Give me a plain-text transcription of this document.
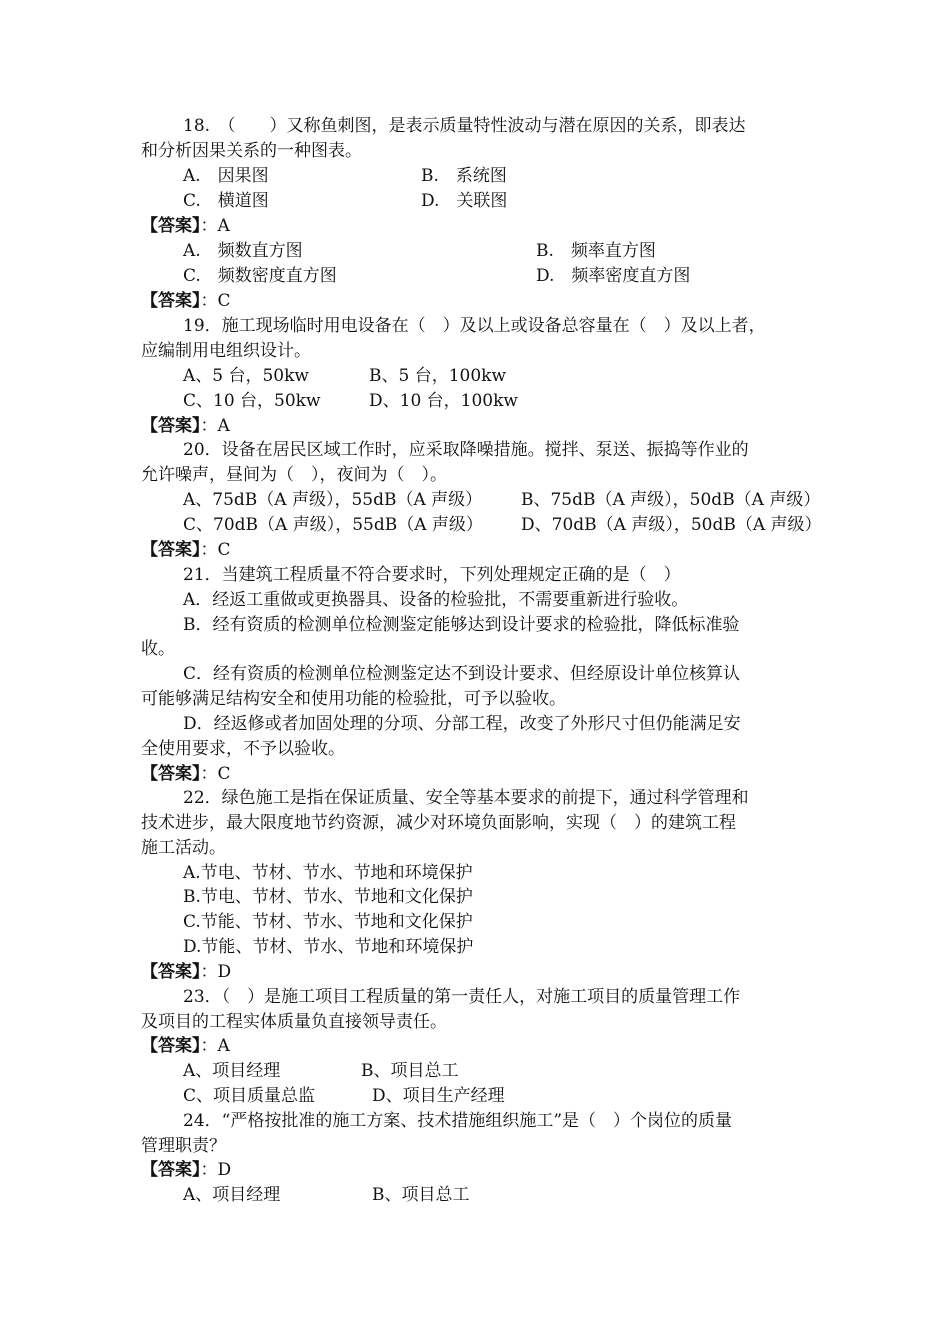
18.　（　　）又称鱼刺图，是表示质量特性波动与潜在原因的关系，即表达

和分析因果关系的一种图表。

A.　因果图	B.　系统图

C.　横道图	D.　关联图

【答案】：A

A.　频数直方图	B.　频率直方图

C.　频数密度直方图	D.　频率密度直方图

【答案】：C

19．施工现场临时用电设备在（　）及以上或设备总容量在（　）及以上者，

应编制用电组织设计。

A、5 台，50kw	B、5 台，100kw

C、10 台，50kw	D、10 台，100kw

【答案】：A

20．设备在居民区域工作时，应采取降噪措施。搅拌、泵送、振捣等作业的

允许噪声，昼间为（　），夜间为（　）。

A、75dB（A 声级），55dB（A 声级） B、75dB（A 声级），50dB（A 声级）

C、70dB（A 声级），55dB（A 声级） D、70dB（A 声级），50dB（A 声级）

【答案】：C

21．当建筑工程质量不符合要求时，下列处理规定正确的是（　）

A．经返工重做或更换器具、设备的检验批，不需要重新进行验收。

B．经有资质的检测单位检测鉴定能够达到设计要求的检验批，降低标准验

收。

C．经有资质的检测单位检测鉴定达不到设计要求、但经原设计单位核算认

可能够满足结构安全和使用功能的检验批，可予以验收。

D．经返修或者加固处理的分项、分部工程，改变了外形尺寸但仍能满足安

全使用要求，不予以验收。

【答案】：C

22．绿色施工是指在保证质量、安全等基本要求的前提下，通过科学管理和

技术进步，最大限度地节约资源，减少对环境负面影响，实现（　）的建筑工程

施工活动。

A.节电、节材、节水、节地和环境保护

B.节电、节材、节水、节地和文化保护

C.节能、节材、节水、节地和文化保护

D.节能、节材、节水、节地和环境保护

【答案】：D

23．（　）是施工项目工程质量的第一责任人，对施工项目的质量管理工作

及项目的工程实体质量负直接领导责任。

【答案】：A

A、项目经理	B、项目总工

C、项目质量总监	D、项目生产经理

24．“严格按批准的施工方案、技术措施组织施工”是（　）个岗位的质量

管理职责？

【答案】：D

A、项目经理	B、项目总工
